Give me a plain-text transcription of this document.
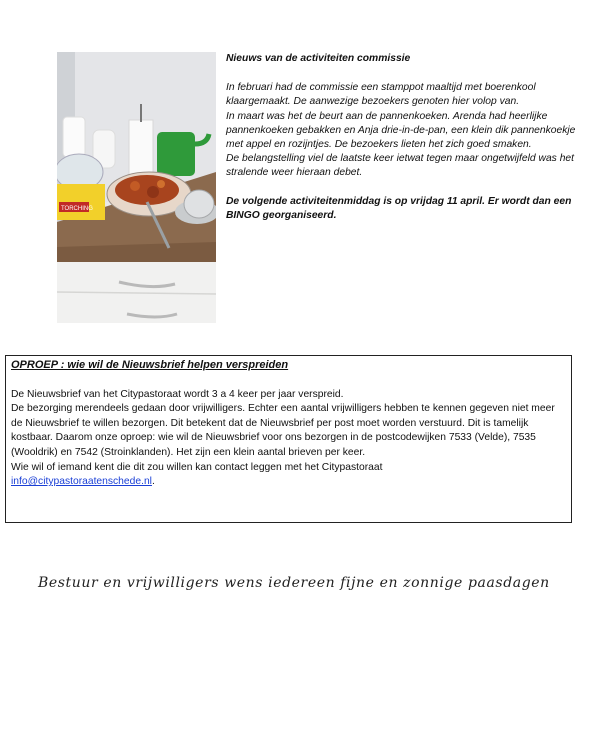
TORCHING

Nieuws van de activiteiten commissie

In februari had de commissie een stamppot maaltijd met boerenkool klaargemaakt. De aanwezige bezoekers genoten hier volop van.

In maart was het de beurt aan de pannenkoeken. Arenda had heerlijke pannenkoeken gebakken en Anja drie-in-de-pan, een klein dik pannenkoekje met appel en rozijntjes. De bezoekers lieten het zich goed smaken.

De belangstelling viel de laatste keer ietwat tegen maar ongetwijfeld was het stralende weer hieraan debet.

De volgende activiteitenmiddag is op vrijdag 11 april. Er wordt dan een BINGO georganiseerd.

OPROEP : wie wil de Nieuwsbrief helpen verspreiden

De Nieuwsbrief van het Citypastoraat wordt 3 a 4 keer per jaar verspreid.

De bezorging merendeels gedaan door vrijwilligers. Echter een aantal vrijwilligers hebben te kennen gegeven niet meer de Nieuwsbrief te willen bezorgen. Dit betekent dat de Nieuwsbrief per post moet worden verstuurd. Dit is tamelijk kostbaar. Daarom onze oproep: wie wil de Nieuwsbrief voor ons bezorgen in de postcodewijken 7533 (Velde), 7535 (Wooldrik) en 7542 (Stroinklanden). Het zijn een klein aantal brieven per keer.

Wie wil of iemand kent die dit zou willen kan contact leggen met het Citypastoraat

info@citypastoraatenschede.nl.

Bestuur en vrijwilligers wens iedereen fijne en zonnige paasdagen
